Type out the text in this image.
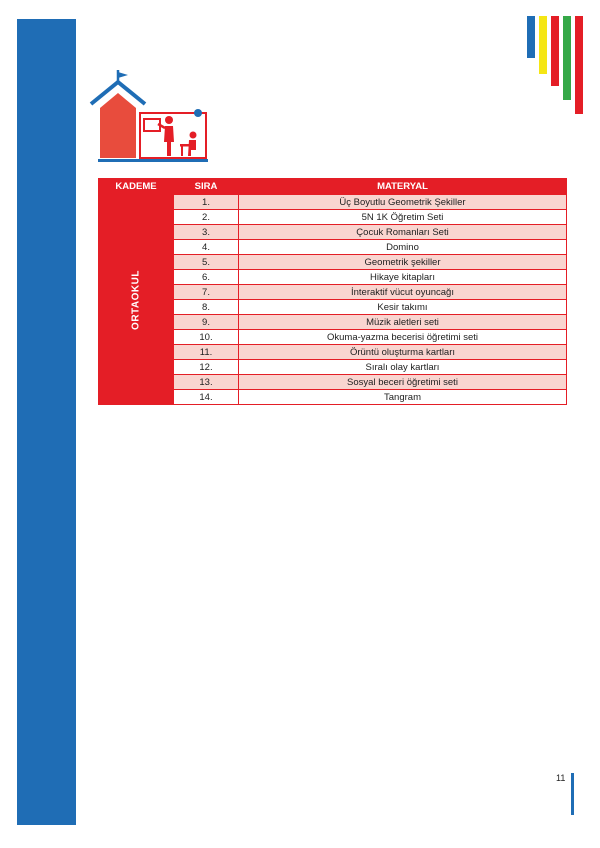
KADEME	SIRA	MATERYAL

ORTAOKUL	1.	Üç Boyutlu Geometrik Şekiller
	2.	5N 1K Öğretim Seti
	3.	Çocuk Romanları Seti
	4.	Domino
	5.	Geometrik şekiller
	6.	Hikaye kitapları
	7.	İnteraktif vücut oyuncağı
	8.	Kesir takımı
	9.	Müzik aletleri seti
	10.	Okuma-yazma becerisi öğretimi seti
	11.	Örüntü oluşturma kartları
	12.	Sıralı olay kartları
	13.	Sosyal beceri öğretimi seti
	14.	Tangram
11
